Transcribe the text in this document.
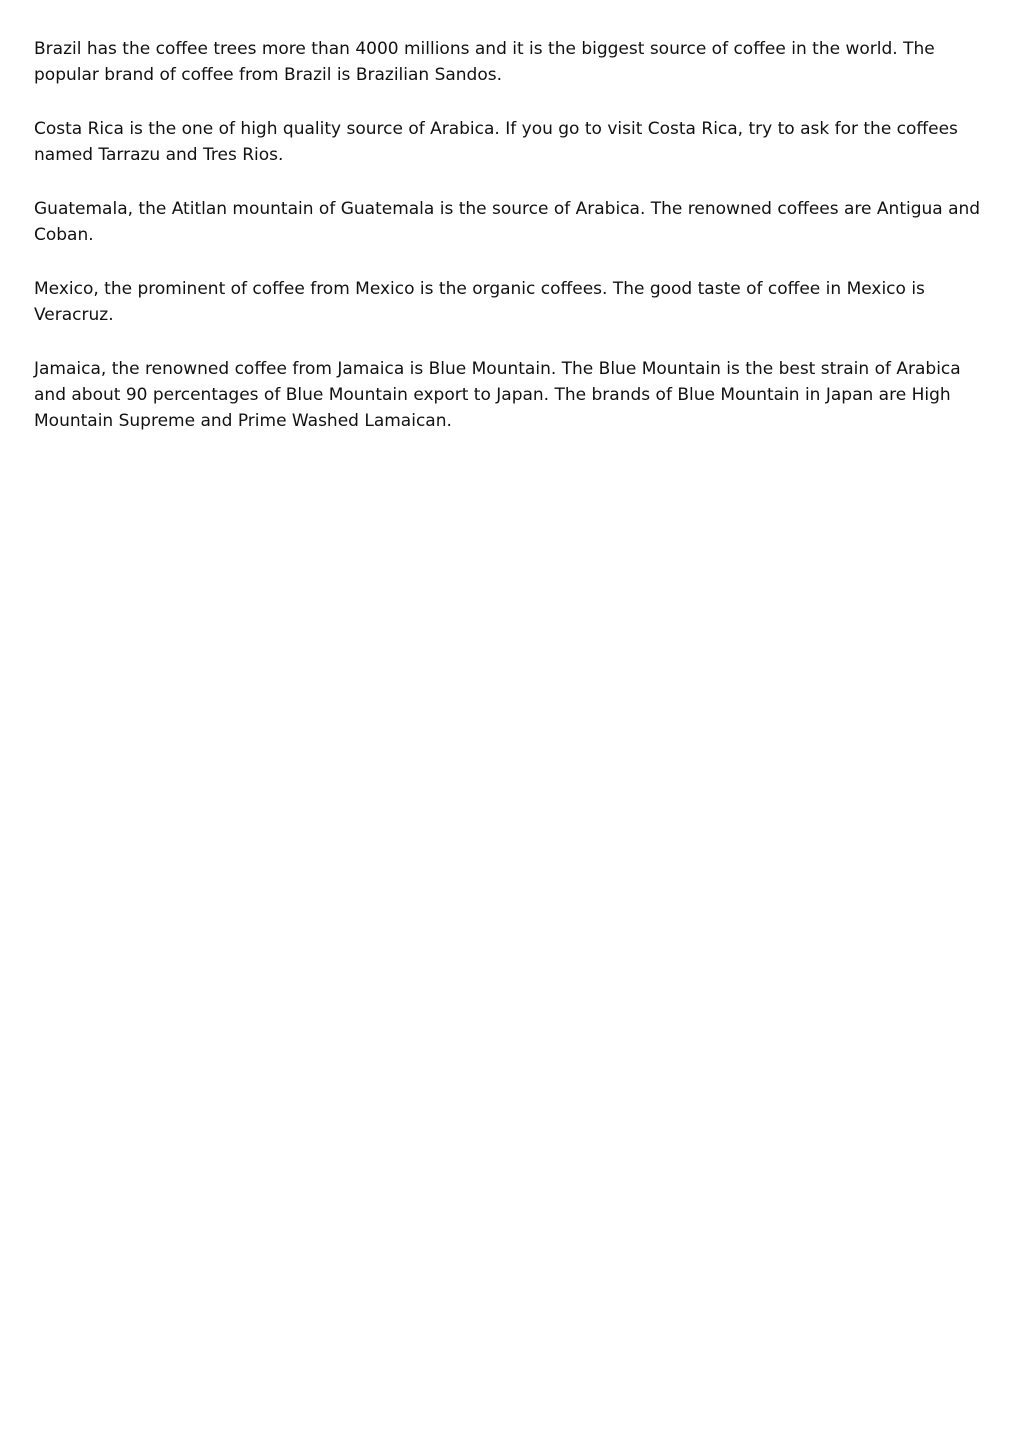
Brazil has the coffee trees more than 4000 millions and it is the biggest source of coffee in the world. The popular brand of coffee from Brazil is Brazilian Sandos.

Costa Rica is the one of high quality source of Arabica. If you go to visit Costa Rica, try to ask for the coffees named Tarrazu and Tres Rios.

Guatemala, the Atitlan mountain of Guatemala is the source of Arabica. The renowned coffees are Antigua and Coban.

Mexico, the prominent of coffee from Mexico is the organic coffees. The good taste of coffee in Mexico is Veracruz.

Jamaica, the renowned coffee from Jamaica is Blue Mountain. The Blue Mountain is the best strain of Arabica and about 90 percentages of Blue Mountain export to Japan. The brands of Blue Mountain in Japan are High Mountain Supreme and Prime Washed Lamaican.
